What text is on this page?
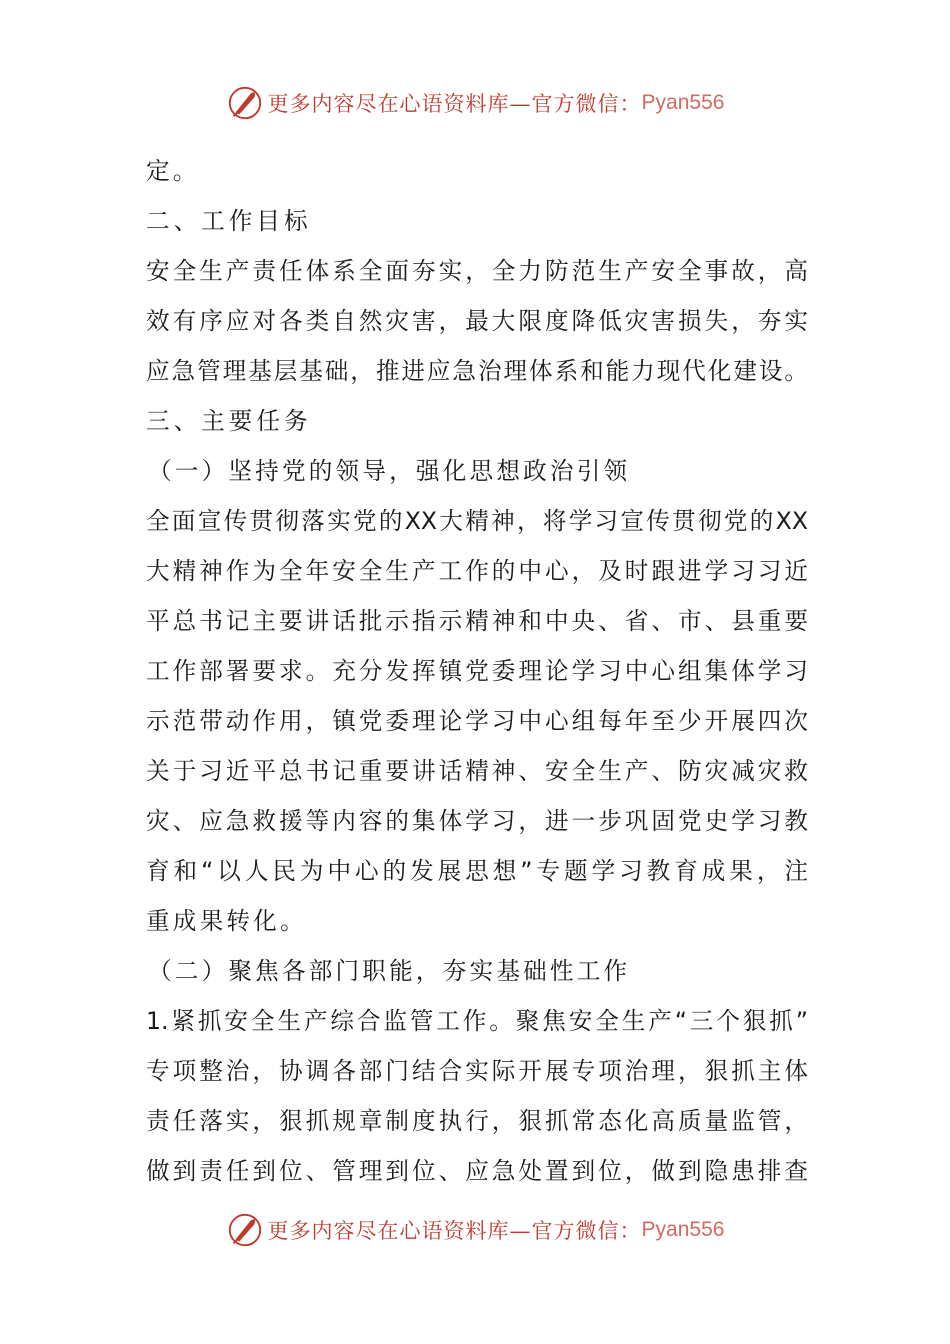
更多内容尽在心语资料库—官方微信： Pyan556
定。
二、工作目标
安全生产责任体系全面夯实，全力防范生产安全事故，高
效有序应对各类自然灾害，最大限度降低灾害损失，夯实
应急管理基层基础，推进应急治理体系和能力现代化建设。
三、主要任务
（一）坚持党的领导，强化思想政治引领
全面宣传贯彻落实党的XX大精神，将学习宣传贯彻党的XX
大精神作为全年安全生产工作的中心，及时跟进学习习近
平总书记主要讲话批示指示精神和中央、省、市、县重要
工作部署要求。充分发挥镇党委理论学习中心组集体学习
示范带动作用，镇党委理论学习中心组每年至少开展四次
关于习近平总书记重要讲话精神、安全生产、防灾减灾救
灾、应急救援等内容的集体学习，进一步巩固党史学习教
育和“以人民为中心的发展思想”专题学习教育成果，注
重成果转化。
（二）聚焦各部门职能，夯实基础性工作
1.紧抓安全生产综合监管工作。聚焦安全生产“三个狠抓”
专项整治，协调各部门结合实际开展专项治理，狠抓主体
责任落实，狠抓规章制度执行，狠抓常态化高质量监管，
做到责任到位、管理到位、应急处置到位，做到隐患排查
更多内容尽在心语资料库—官方微信： Pyan556
